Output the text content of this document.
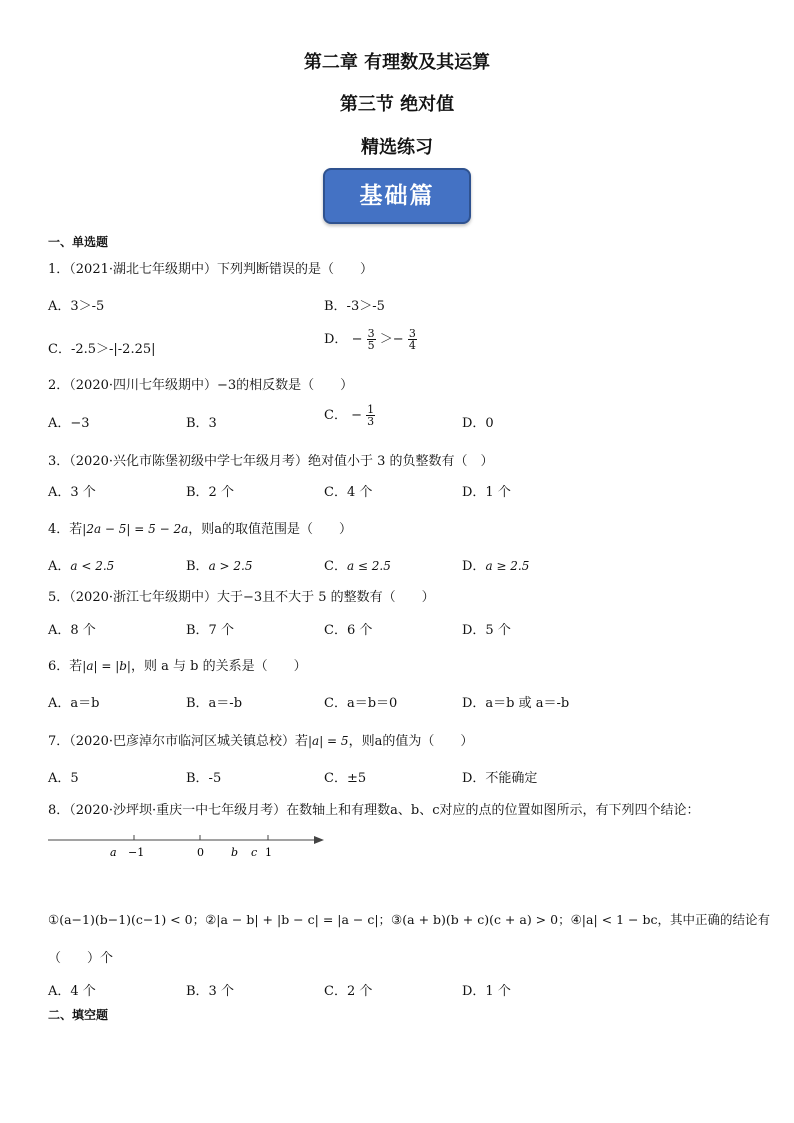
第二章 有理数及其运算
第三节 绝对值
精选练习
基础篇
一、单选题
1．（2021·湖北七年级期中）下列判断错误的是（　　）
A．3＞-5	B．-3＞-5
C．-2.5＞-|-2.25|
D． − $\frac{3}{5} >- \frac{3}{4}$
2．（2020·四川七年级期中）−3的相反数是（　　）
A．−3	B．3
C． − $\frac{1}{3}$	D．0
3．（2020·兴化市陈堡初级中学七年级月考）绝对值小于 3 的负整数有（　）
A．3 个	B．2 个	C．4 个	D．1 个
4．若|2a − 5| = 5 − 2a，则a的取值范围是（　　）
A．a < 2.5	B．a > 2.5	C．a ≤ 2.5	D．a ≥ 2.5
5．（2020·浙江七年级期中）大于−3且不大于 5 的整数有（　　）
A．8 个	B．7 个	C．6 个	D．5 个
6．若|a| = |b|，则 a 与 b 的关系是（　　）
A．a＝b	B．a＝-b	C．a＝b＝0	D．a＝b 或 a＝-b
7．（2020·巴彦淖尔市临河区城关镇总校）若|a| = 5，则a的值为（　　）
A．5	B．-5	C．±5	D．不能确定
8．（2020·沙坪坝·重庆一中七年级月考）在数轴上和有理数a、b、c对应的点的位置如图所示，有下列四个结论：
a −1	0 b c 1
①(a−1)(b−1)(c−1) < 0；②|a − b| + |b − c| = |a − c|；③(a + b)(b + c)(c + a) > 0；④|a| < 1 − bc，其中正确的结论有
（　　）个
A．4 个	B．3 个	C．2 个	D．1 个
二、填空题
